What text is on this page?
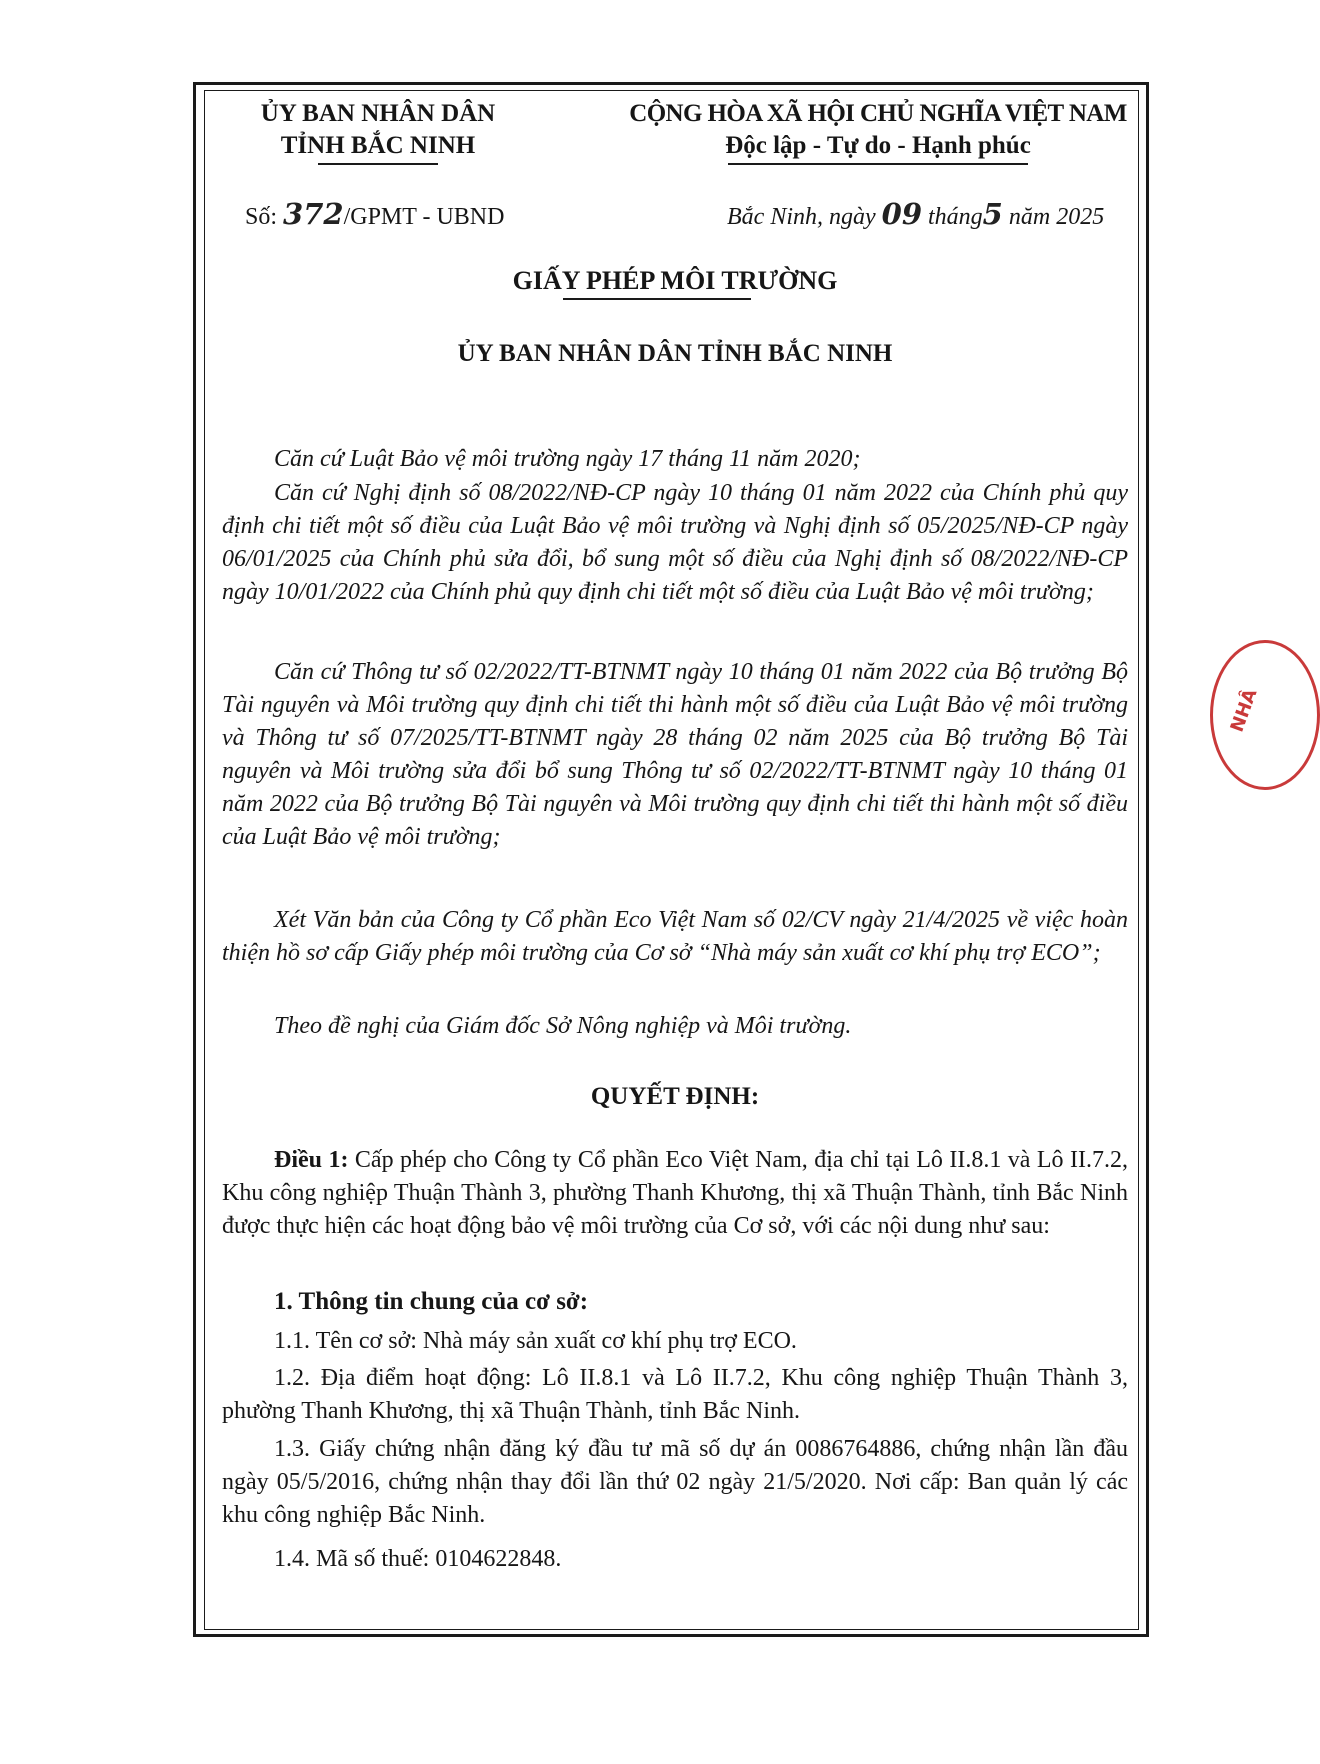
ỦY BAN NHÂN DÂN
TỈNH BẮC NINH
CỘNG HÒA XÃ HỘI CHỦ NGHĨA VIỆT NAM
Độc lập - Tự do - Hạnh phúc
Số: 372/GPMT - UBND	Bắc Ninh, ngày 09 tháng5 năm 2025
GIẤY PHÉP MÔI TRƯỜNG
ỦY BAN NHÂN DÂN TỈNH BẮC NINH
Căn cứ Luật Bảo vệ môi trường ngày 17 tháng 11 năm 2020;
Căn cứ Nghị định số 08/2022/NĐ-CP ngày 10 tháng 01 năm 2022 của Chính phủ quy định chi tiết một số điều của Luật Bảo vệ môi trường và Nghị định số 05/2025/NĐ-CP ngày 06/01/2025 của Chính phủ sửa đổi, bổ sung một số điều của Nghị định số 08/2022/NĐ-CP ngày 10/01/2022 của Chính phủ quy định chi tiết một số điều của Luật Bảo vệ môi trường;
Căn cứ Thông tư số 02/2022/TT-BTNMT ngày 10 tháng 01 năm 2022 của Bộ trưởng Bộ Tài nguyên và Môi trường quy định chi tiết thi hành một số điều của Luật Bảo vệ môi trường và Thông tư số 07/2025/TT-BTNMT ngày 28 tháng 02 năm 2025 của Bộ trưởng Bộ Tài nguyên và Môi trường sửa đổi bổ sung Thông tư số 02/2022/TT-BTNMT ngày 10 tháng 01 năm 2022 của Bộ trưởng Bộ Tài nguyên và Môi trường quy định chi tiết thi hành một số điều của Luật Bảo vệ môi trường;
Xét Văn bản của Công ty Cổ phần Eco Việt Nam số 02/CV ngày 21/4/2025 về việc hoàn thiện hồ sơ cấp Giấy phép môi trường của Cơ sở “Nhà máy sản xuất cơ khí phụ trợ ECO”;
Theo đề nghị của Giám đốc Sở Nông nghiệp và Môi trường.
QUYẾT ĐỊNH:
Điều 1: Cấp phép cho Công ty Cổ phần Eco Việt Nam, địa chỉ tại Lô II.8.1 và Lô II.7.2, Khu công nghiệp Thuận Thành 3, phường Thanh Khương, thị xã Thuận Thành, tỉnh Bắc Ninh được thực hiện các hoạt động bảo vệ môi trường của Cơ sở, với các nội dung như sau:
1. Thông tin chung của cơ sở:
1.1. Tên cơ sở: Nhà máy sản xuất cơ khí phụ trợ ECO.
1.2. Địa điểm hoạt động: Lô II.8.1 và Lô II.7.2, Khu công nghiệp Thuận Thành 3, phường Thanh Khương, thị xã Thuận Thành, tỉnh Bắc Ninh.
1.3. Giấy chứng nhận đăng ký đầu tư mã số dự án 0086764886, chứng nhận lần đầu ngày 05/5/2016, chứng nhận thay đổi lần thứ 02 ngày 21/5/2020. Nơi cấp: Ban quản lý các khu công nghiệp Bắc Ninh.
1.4. Mã số thuế: 0104622848.
NHÂ
